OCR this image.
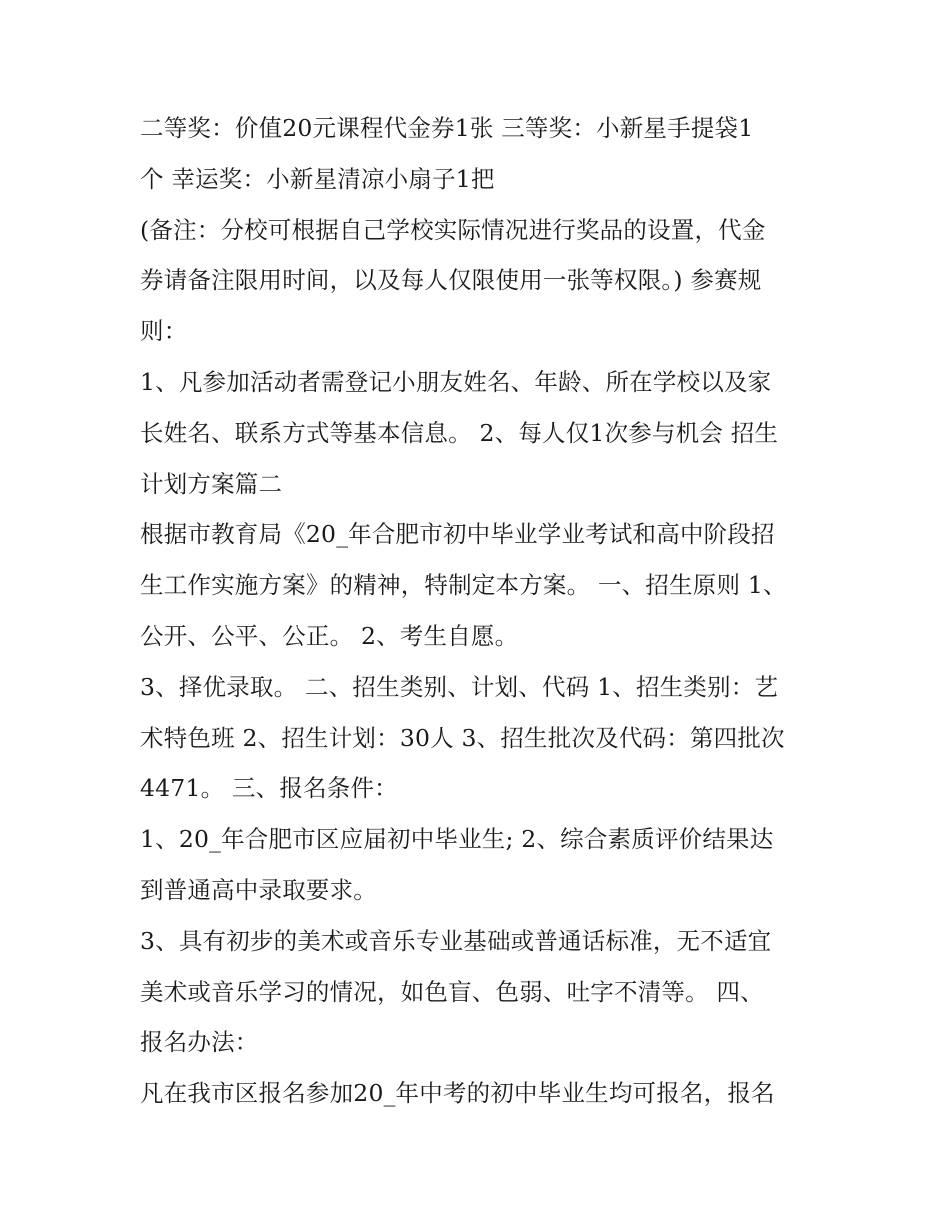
二等奖：价值20元课程代金券1张 三等奖：小新星手提袋1
个 幸运奖：小新星清凉小扇子1把
(备注：分校可根据自己学校实际情况进行奖品的设置，代金
券请备注限用时间，以及每人仅限使用一张等权限。) 参赛规
则：
1、凡参加活动者需登记小朋友姓名、年龄、所在学校以及家
长姓名、联系方式等基本信息。 2、每人仅1次参与机会 招生
计划方案篇二
根据市教育局《20_年合肥市初中毕业学业考试和高中阶段招
生工作实施方案》的精神，特制定本方案。 一、招生原则 1、
公开、公平、公正。 2、考生自愿。
3、择优录取。 二、招生类别、计划、代码 1、招生类别：艺
术特色班 2、招生计划：30人 3、招生批次及代码：第四批次
4471。 三、报名条件：
1、20_年合肥市区应届初中毕业生; 2、综合素质评价结果达
到普通高中录取要求。
3、具有初步的美术或音乐专业基础或普通话标准，无不适宜
美术或音乐学习的情况，如色盲、色弱、吐字不清等。 四、
报名办法：
凡在我市区报名参加20_年中考的初中毕业生均可报名，报名
